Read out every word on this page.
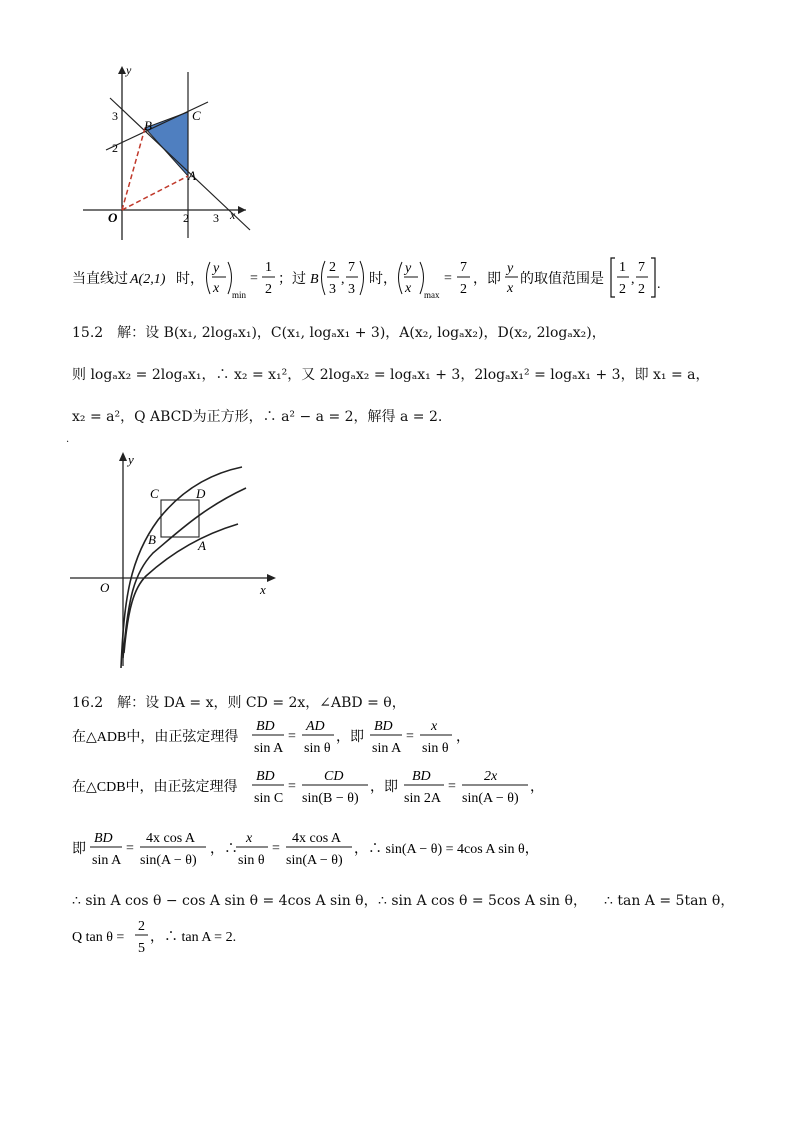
y
x
O
3
2
2 3
B
C
A
当直线过 A(2,1) 时，
y
x min
=
1
2
；过 B
2
3
,
7
3
时，
y
x max
=
7
2
，即
y
x
的取值范围是
1
2
,
7
2 .
15.2　解：设 B(x₁, 2logₐx₁)，C(x₁, logₐx₁ + 3)，A(x₂, logₐx₂)，D(x₂, 2logₐx₂)，
则 logₐx₂ = 2logₐx₁，∴ x₂ = x₁²，又 2logₐx₂ = logₐx₁ + 3，2logₐx₁² = logₐx₁ + 3，即 x₁ = a，
x₂ = a²，Q ABCD为正方形，∴ a² − a = 2，解得 a = 2.
.
y
x
O
C	D
B	A
16.2　解：设 DA = x，则 CD = 2x，∠ABD = θ，
在△ADB中，由正弦定理得
BD
sin A
=
AD
sin θ
，即
BD
sin A
=
x
sin θ
，
在△CDB中，由正弦定理得
BD
sin C
=
CD
sin(B − θ)
，即
BD
sin 2A
=
2x
sin(A − θ)
，
即
BD
sin A
=
4x cos A
sin(A − θ)
，∴
x
sin θ
=
4x cos A
sin(A − θ)
，∴ sin(A − θ) = 4cos A sin θ，
∴ sin A cos θ − cos A sin θ = 4cos A sin θ， ∴ sin A cos θ = 5cos A sin θ， ∴ tan A = 5tan θ，
Q tan θ =
2
5
，∴ tan A = 2.
